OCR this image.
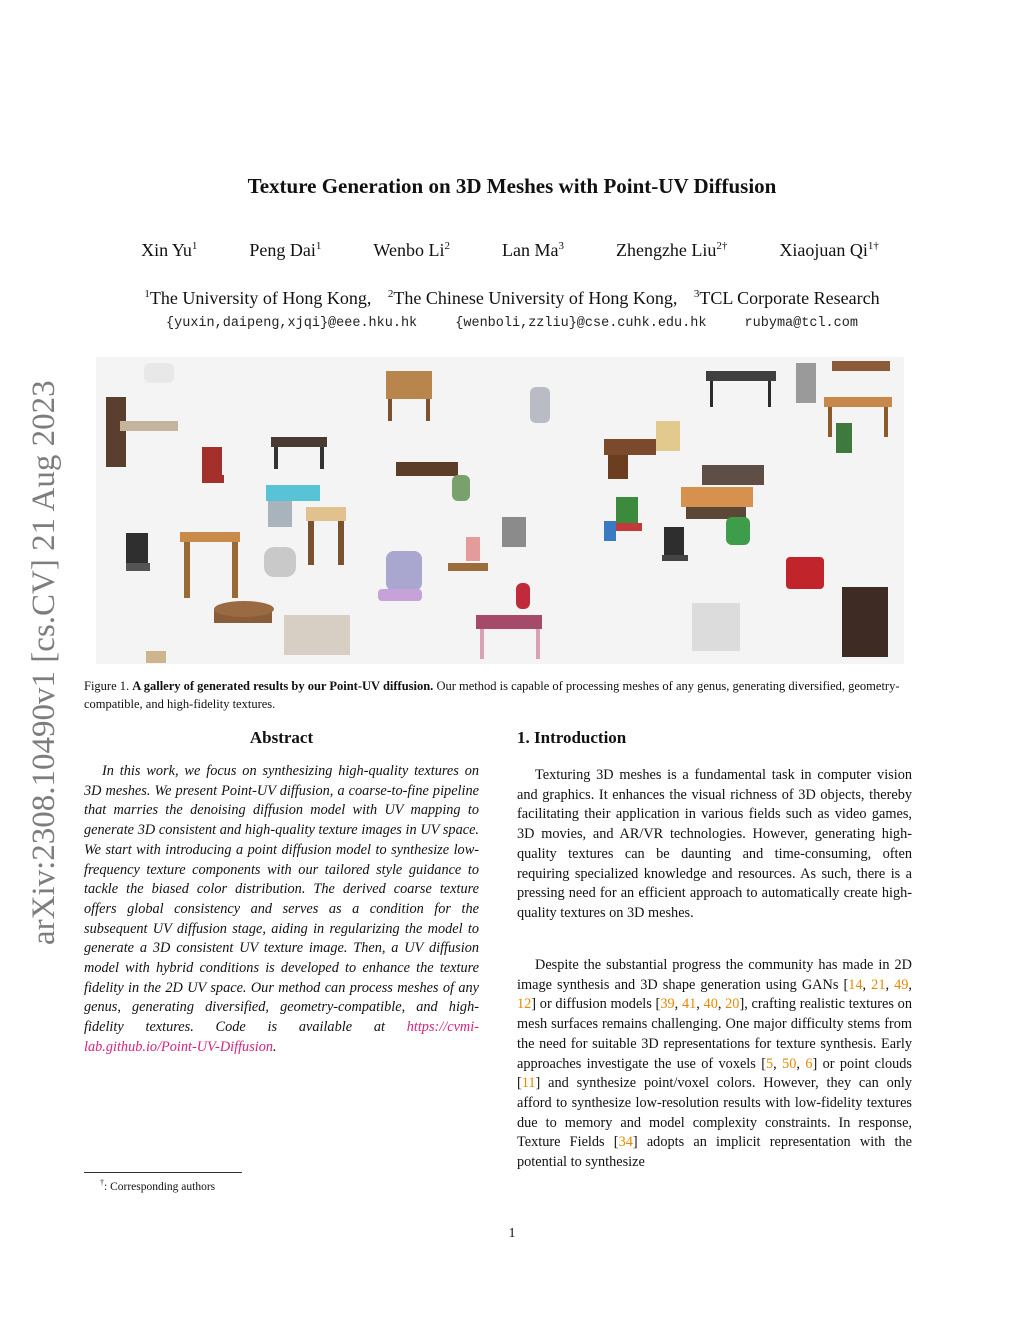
arXiv:2308.10490v1 [cs.CV] 21 Aug 2023
Texture Generation on 3D Meshes with Point-UV Diffusion
Xin Yu$^1$	Peng Dai$^1$	Wenbo Li$^2$	Lan Ma$^3$	Zhengzhe Liu$^{2\dagger}$	Xiaojuan $Qi^{1\dagger}$
$^1$The University of Hong Kong, $^2$The Chinese University of Hong Kong, $^3$TCL Corporate Research
{yuxin,daipeng,xjqi}@eee.hku.hk	{wenboli,zzliu}@cse.cuhk.edu.hk	rubyma@tcl.com
Figure 1. A gallery of generated results by our Point-UV diffusion. Our method is capable of processing meshes of any genus, generating diversified, geometry-compatible, and high-fidelity textures.
Abstract
In this work, we focus on synthesizing high-quality textures on 3D meshes. We present Point-UV diffusion, a coarse-to-fine pipeline that marries the denoising diffusion model with UV mapping to generate 3D consistent and high-quality texture images in UV space. We start with introducing a point diffusion model to synthesize low-frequency texture components with our tailored style guidance to tackle the biased color distribution. The derived coarse texture offers global consistency and serves as a condition for the subsequent UV diffusion stage, aiding in regularizing the model to generate a 3D consistent UV texture image. Then, a UV diffusion model with hybrid conditions is developed to enhance the texture fidelity in the 2D UV space. Our method can process meshes of any genus, generating diversified, geometry-compatible, and high-fidelity textures. Code is available at https://cvmi-lab.github.io/Point-UV-Diffusion.
†: Corresponding authors
1. Introduction

Texturing 3D meshes is a fundamental task in computer vision and graphics. It enhances the visual richness of 3D objects, thereby facilitating their application in various fields such as video games, 3D movies, and AR/VR technologies. However, generating high-quality textures can be daunting and time-consuming, often requiring specialized knowledge and resources. As such, there is a pressing need for an efficient approach to automatically create high-quality textures on 3D meshes.

Despite the substantial progress the community has made in 2D image synthesis and 3D shape generation using GANs [14, 21, 49, 12] or diffusion models [39, 41, 40, 20], crafting realistic textures on mesh surfaces remains challenging. One major difficulty stems from the need for suitable 3D representations for texture synthesis. Early approaches investigate the use of voxels [5, 50, 6] or point clouds [11] and synthesize point/voxel colors. However, they can only afford to synthesize low-resolution results with low-fidelity textures due to memory and model complexity constraints. In response, Texture Fields [34] adopts an implicit representation with the potential to synthesize

1
